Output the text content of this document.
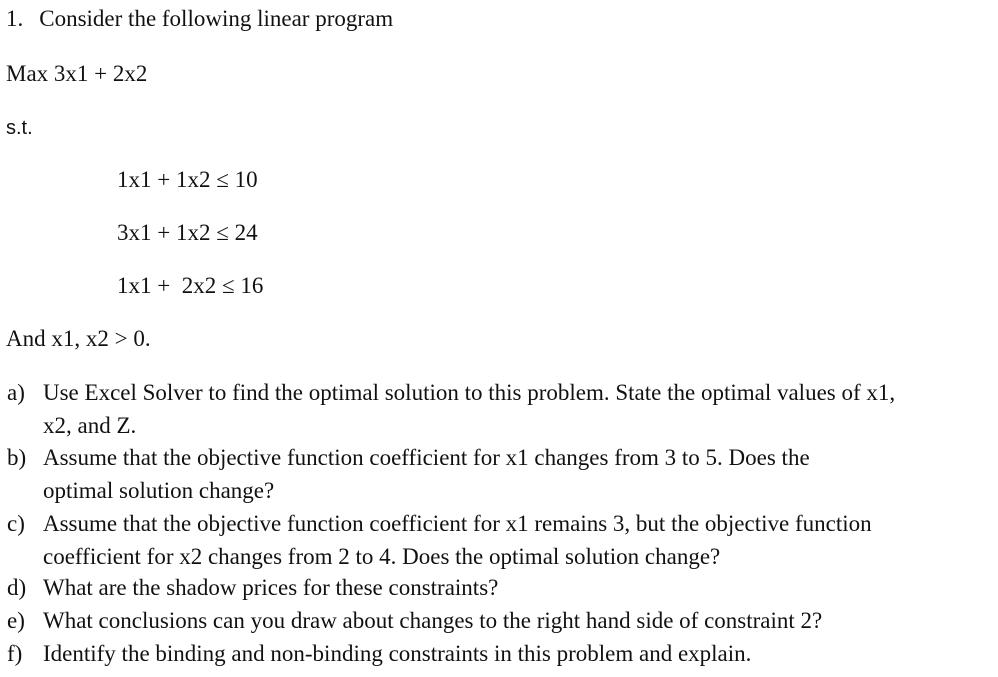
1. Consider the following linear program
Max 3x1 + 2x2
s.t.
1x1 + 1x2 ≤ 10
3x1 + 1x2 ≤ 24
1x1 +  2x2 ≤ 16
And x1, x2 > 0.
a) Use Excel Solver to find the optimal solution to this problem. State the optimal values of x1, x2, and Z.
b) Assume that the objective function coefficient for x1 changes from 3 to 5. Does the optimal solution change?
c) Assume that the objective function coefficient for x1 remains 3, but the objective function coefficient for x2 changes from 2 to 4. Does the optimal solution change?
d) What are the shadow prices for these constraints?
e) What conclusions can you draw about changes to the right hand side of constraint 2?
f) Identify the binding and non-binding constraints in this problem and explain.
